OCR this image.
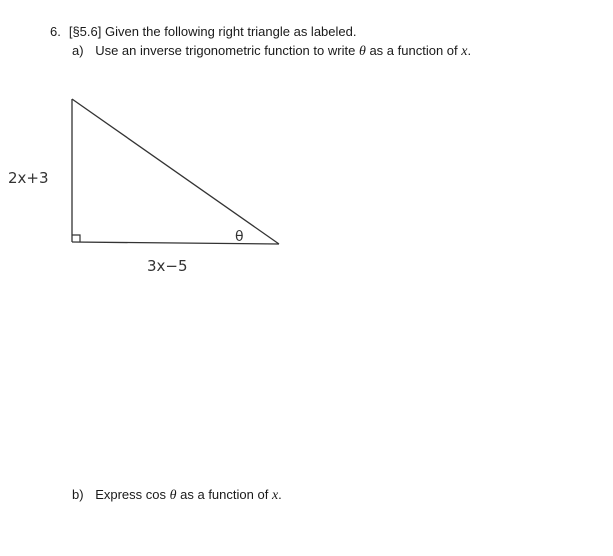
6. [§5.6] Given the following right triangle as labeled.
a) Use an inverse trigonometric function to write θ as a function of x.
2x+3
3x−5
θ
b) Express cos θ as a function of x.
